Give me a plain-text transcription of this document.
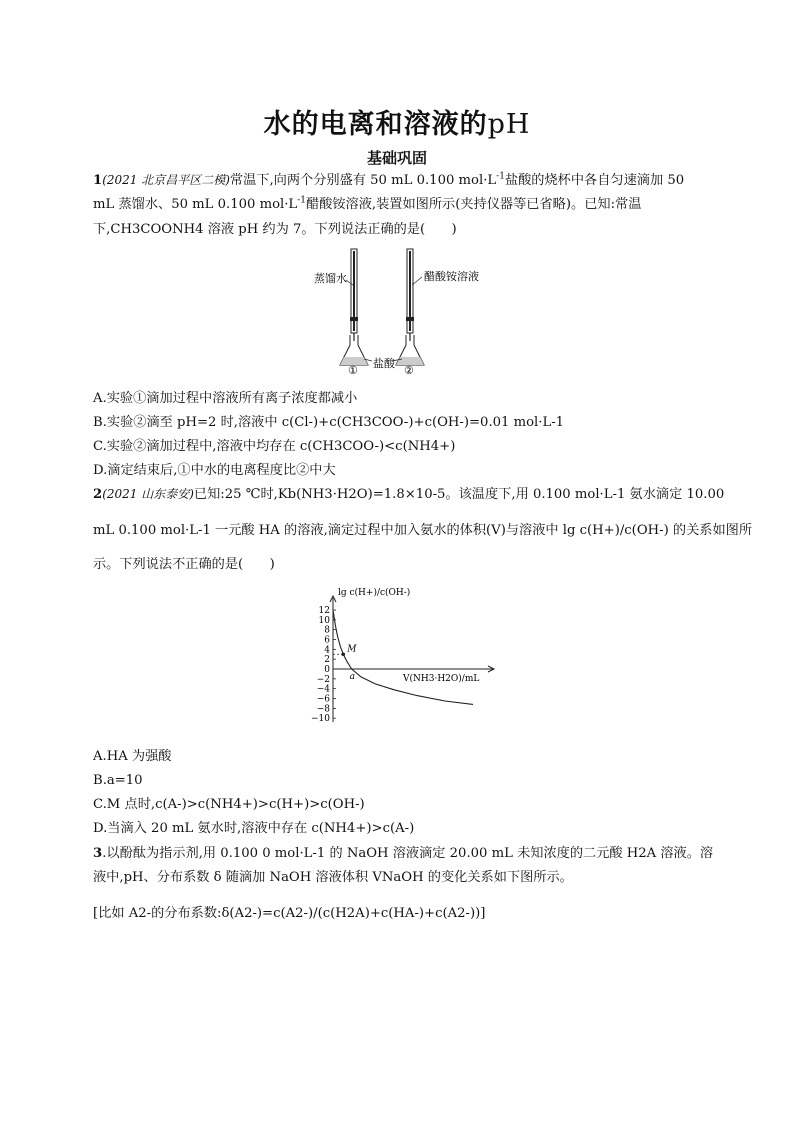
水的电离和溶液的pH
基础巩固
1(2021 北京昌平区二模)常温下,向两个分别盛有 50 mL 0.100 $mol\cdot L^{-1}$盐酸的烧杯中各自匀速滴加 50
mL 蒸馏水、50 mL 0.100 $mol\cdot L^{-1}$醋酸铵溶液,装置如图所示(夹持仪器等已省略)。已知:常温
下,CH3COONH4 溶液 pH 约为 7。下列说法正确的是(　　)
蒸馏水	醋酸铵溶液
盐酸
①	②
A.实验①滴加过程中溶液所有离子浓度都减小
B.实验②滴至 pH=2 时,溶液中 c(Cl-)+c(CH3COO-)+c(OH-)=0.01 mol·L-1
C.实验②滴加过程中,溶液中均存在 c(CH3COO-)<c(NH4+)
D.滴定结束后,①中水的电离程度比②中大
2(2021 山东泰安)已知:25 ℃时,Kb(NH3·H2O)=1.8×10-5。该温度下,用 0.100 mol·L-1 氨水滴定 10.00
mL 0.100 mol·L-1 一元酸 HA 的溶液,滴定过程中加入氨水的体积(V)与溶液中 lg c(H+)/c(OH-) 的关系如图所
示。下列说法不正确的是(　　)
12
10
8
6
4
2
0
−2
−4
−6
−8
−10
lg c(H+)/c(OH-)
V(NH3·H2O)/mL
M
a
A.HA 为强酸
B.a=10
C.M 点时,c(A-)>c(NH4+)>c(H+)>c(OH-)
D.当滴入 20 mL 氨水时,溶液中存在 c(NH4+)>c(A-)
3.以酚酞为指示剂,用 0.100 0 mol·L-1 的 NaOH 溶液滴定 20.00 mL 未知浓度的二元酸 H2A 溶液。溶
液中,pH、分布系数 δ 随滴加 NaOH 溶液体积 VNaOH 的变化关系如下图所示。
[比如 A2-的分布系数:δ(A2-)=c(A2-)/(c(H2A)+c(HA-)+c(A2-))]
